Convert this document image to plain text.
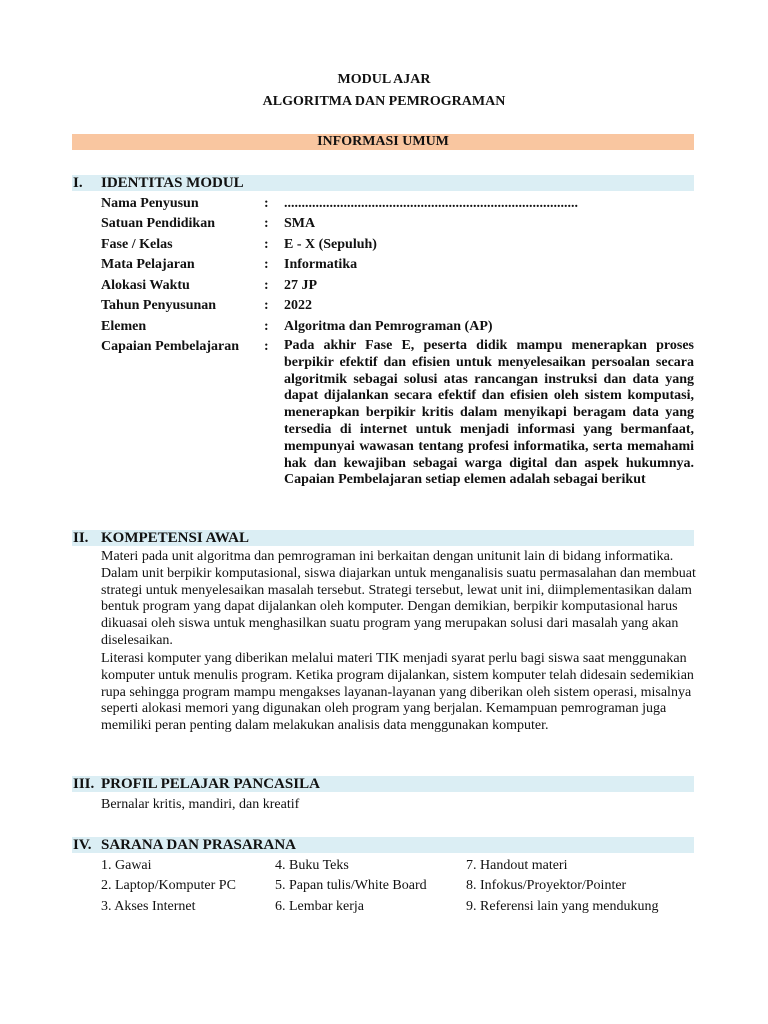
MODUL AJAR
ALGORITMA DAN PEMROGRAMAN
INFORMASI UMUM
I. IDENTITAS MODUL
Nama Penyusun	: ....................................................................................
Satuan Pendidikan	: SMA
Fase / Kelas	: E - X (Sepuluh)
Mata Pelajaran	: Informatika
Alokasi Waktu	: 27 JP
Tahun Penyusunan	: 2022
Elemen	: Algoritma dan Pemrograman (AP)
Capaian Pembelajaran : Pada akhir Fase E, peserta didik mampu menerapkan proses berpikir efektif dan efisien untuk menyelesaikan persoalan secara algoritmik sebagai solusi atas rancangan instruksi dan data yang dapat dijalankan secara efektif dan efisien oleh sistem komputasi, menerapkan berpikir kritis dalam menyikapi beragam data yang tersedia di internet untuk menjadi informasi yang bermanfaat, mempunyai wawasan tentang profesi informatika, serta memahami hak dan kewajiban sebagai warga digital dan aspek hukumnya. Capaian Pembelajaran setiap elemen adalah sebagai berikut
II. KOMPETENSI AWAL

Materi pada unit algoritma dan pemrograman ini berkaitan dengan unitunit lain di bidang informatika. Dalam unit berpikir komputasional, siswa diajarkan untuk menganalisis suatu permasalahan dan membuat strategi untuk menyelesaikan masalah tersebut. Strategi tersebut, lewat unit ini, diimplementasikan dalam bentuk program yang dapat dijalankan oleh komputer. Dengan demikian, berpikir komputasional harus dikuasai oleh siswa untuk menghasilkan suatu program yang merupakan solusi dari masalah yang akan diselesaikan.

Literasi komputer yang diberikan melalui materi TIK menjadi syarat perlu bagi siswa saat menggunakan komputer untuk menulis program. Ketika program dijalankan, sistem komputer telah didesain sedemikian rupa sehingga program mampu mengakses layanan-layanan yang diberikan oleh sistem operasi, misalnya seperti alokasi memori yang digunakan oleh program yang berjalan. Kemampuan pemrograman juga memiliki peran penting dalam melakukan analisis data menggunakan komputer.

III. PROFIL PELAJAR PANCASILA
Bernalar kritis, mandiri, dan kreatif
IV. SARANA DAN PRASARANA
1. Gawai
2. Laptop/Komputer PC
3. Akses Internet
4. Buku Teks
5. Papan tulis/White Board
6. Lembar kerja
7. Handout materi
8. Infokus/Proyektor/Pointer
9. Referensi lain yang mendukung
